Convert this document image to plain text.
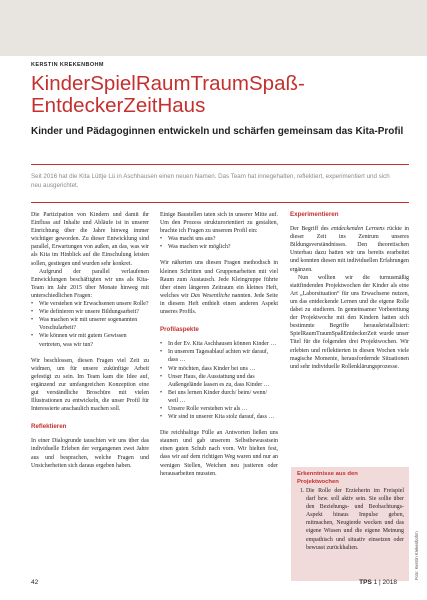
KERSTIN KREKENBOHM
KinderSpielRaumTraumSpaß-
EntdeckerZeitHaus
Kinder und Pädagoginnen entwickeln und schärfen gemeinsam das Kita-Profil
Seit 2016 hat die Kita Lüttje Lü in Aschhausen einen neuen Namen. Das Team hat innegehalten, reflektiert, experimentiert und sich neu ausgerichtet.

Die Partizipation von Kindern und damit ihr Einfluss auf Inhalte und Abläufe ist in unserer Einrichtung über die Jahre hinweg immer wichtiger geworden. Zu dieser Entwicklung sind parallel, Erwartungen von außen, an das, was wir als Kita im Hinblick auf die Einschulung leisten sollen, gestiegen und wurden sehr konkret.

Aufgrund der parallel verlaufenen Entwicklungen beschäftigten wir uns als Kita-Team im Jahr 2015 über Monate hinweg mit unterschiedlichen Fragen:

• Wie verstehen wir Erwachsenen unsere Rolle?
• Wie definieren wir unsere Bildungsarbeit?
• Was machen wir mit unserer sogenannten Vorschularbeit?
• Wie können wir mit gutem Gewissen vertreten, was wir tun?

Wir beschlossen, diesen Fragen viel Zeit zu widmen, um für unsere zukünftige Arbeit gefestigt zu sein. Im Team kam die Idee auf, ergänzend zur umfangreichen Konzeption eine gut verständliche Broschüre mit vielen Illustrationen zu entwickeln, die unser Profil für Interessierte anschaulich machen soll.

Reflektieren

In einer Dialogrunde tauschten wir uns über das individuelle Erleben der vergangenen zwei Jahre aus und besprachen, welche Fragen und Unsicherheiten sich daraus ergeben haben.

Einige Baustellen taten sich in unserer Mitte auf. Um den Prozess strukturorientiert zu gestalten, brachte ich Fragen zu unserem Profil ein:

• Was macht uns aus?
• Was machen wir möglich?

Wir näherten uns diesen Fragen methodisch in kleinen Schritten und Gruppenarbeiten mit viel Raum zum Austausch. Jede Kleingruppe führte über einen längeren Zeitraum ein kleines Heft, welches wir Das Wesentliche nannten. Jede Seite in diesem Heft enthielt einen anderen Aspekt unseres Profils.

Profilaspekte
• In der Ev. Kita Aschhausen können Kinder …
• In unserem Tagesablauf achten wir darauf, dass …
• Wir möchten, dass Kinder bei uns …
• Unser Haus, die Ausstattung und das Außengelände lassen es zu, dass Kinder …
• Bei uns lernen Kinder durch/ beim/ wenn/ weil …
• Unsere Rolle verstehen wir als …
• Wir sind in unserer Kita stolz darauf, dass …

Die reichhaltige Fülle an Antworten ließen uns staunen und gab unserem Selbstbewusstsein einen guten Schub nach vorn. Wir hielten fest, dass wir auf dem richtigen Weg waren und nur an wenigen Stellen, Weichen neu justieren oder herausarbeiten mussten.

Experimentieren

Der Begriff des entdeckenden Lernens rückte in dieser Zeit ins Zentrum unseres Bildungsverständnisses. Den theoretischen Unterbau dazu hatten wir uns bereits erarbeitet und konnten diesen mit individuellen Erfahrungen ergänzen.

Nun wollten wir die turnusmäßig stattfindenden Projektwochen der Kinder als eine Art „Laborsituation“ für uns Erwachsene nutzen, um das entdeckende Lernen und die eigene Rolle dabei zu studieren. In gemeinsamer Vorbereitung der Projektwoche mit den Kindern hatten sich bestimmte Begriffe herauskristallisiert: SpielRaumTraumSpaßEntdeckerZeit wurde unser Titel für die folgenden drei Projektwochen. Wir erlebten und reflektierten in diesen Wochen viele magische Momente, herausfordernde Situationen und sehr individuelle Rollenklärungsprozesse.

Erkenntnisse aus den
Projektwochen
1. Die Rolle der Erzieherin im Freispiel darf bzw. soll aktiv sein. Sie sollte über den Beziehungs- und Beobachtungs-Aspekt hinaus Impulse geben, mitmachen, Neugierde wecken und das eigene Wissen und die eigene Meinung empathisch und situativ einsetzen oder bewusst zurückhalten.	Foto: Kerstin Krekenbohm
42	TPS 1 | 2018
